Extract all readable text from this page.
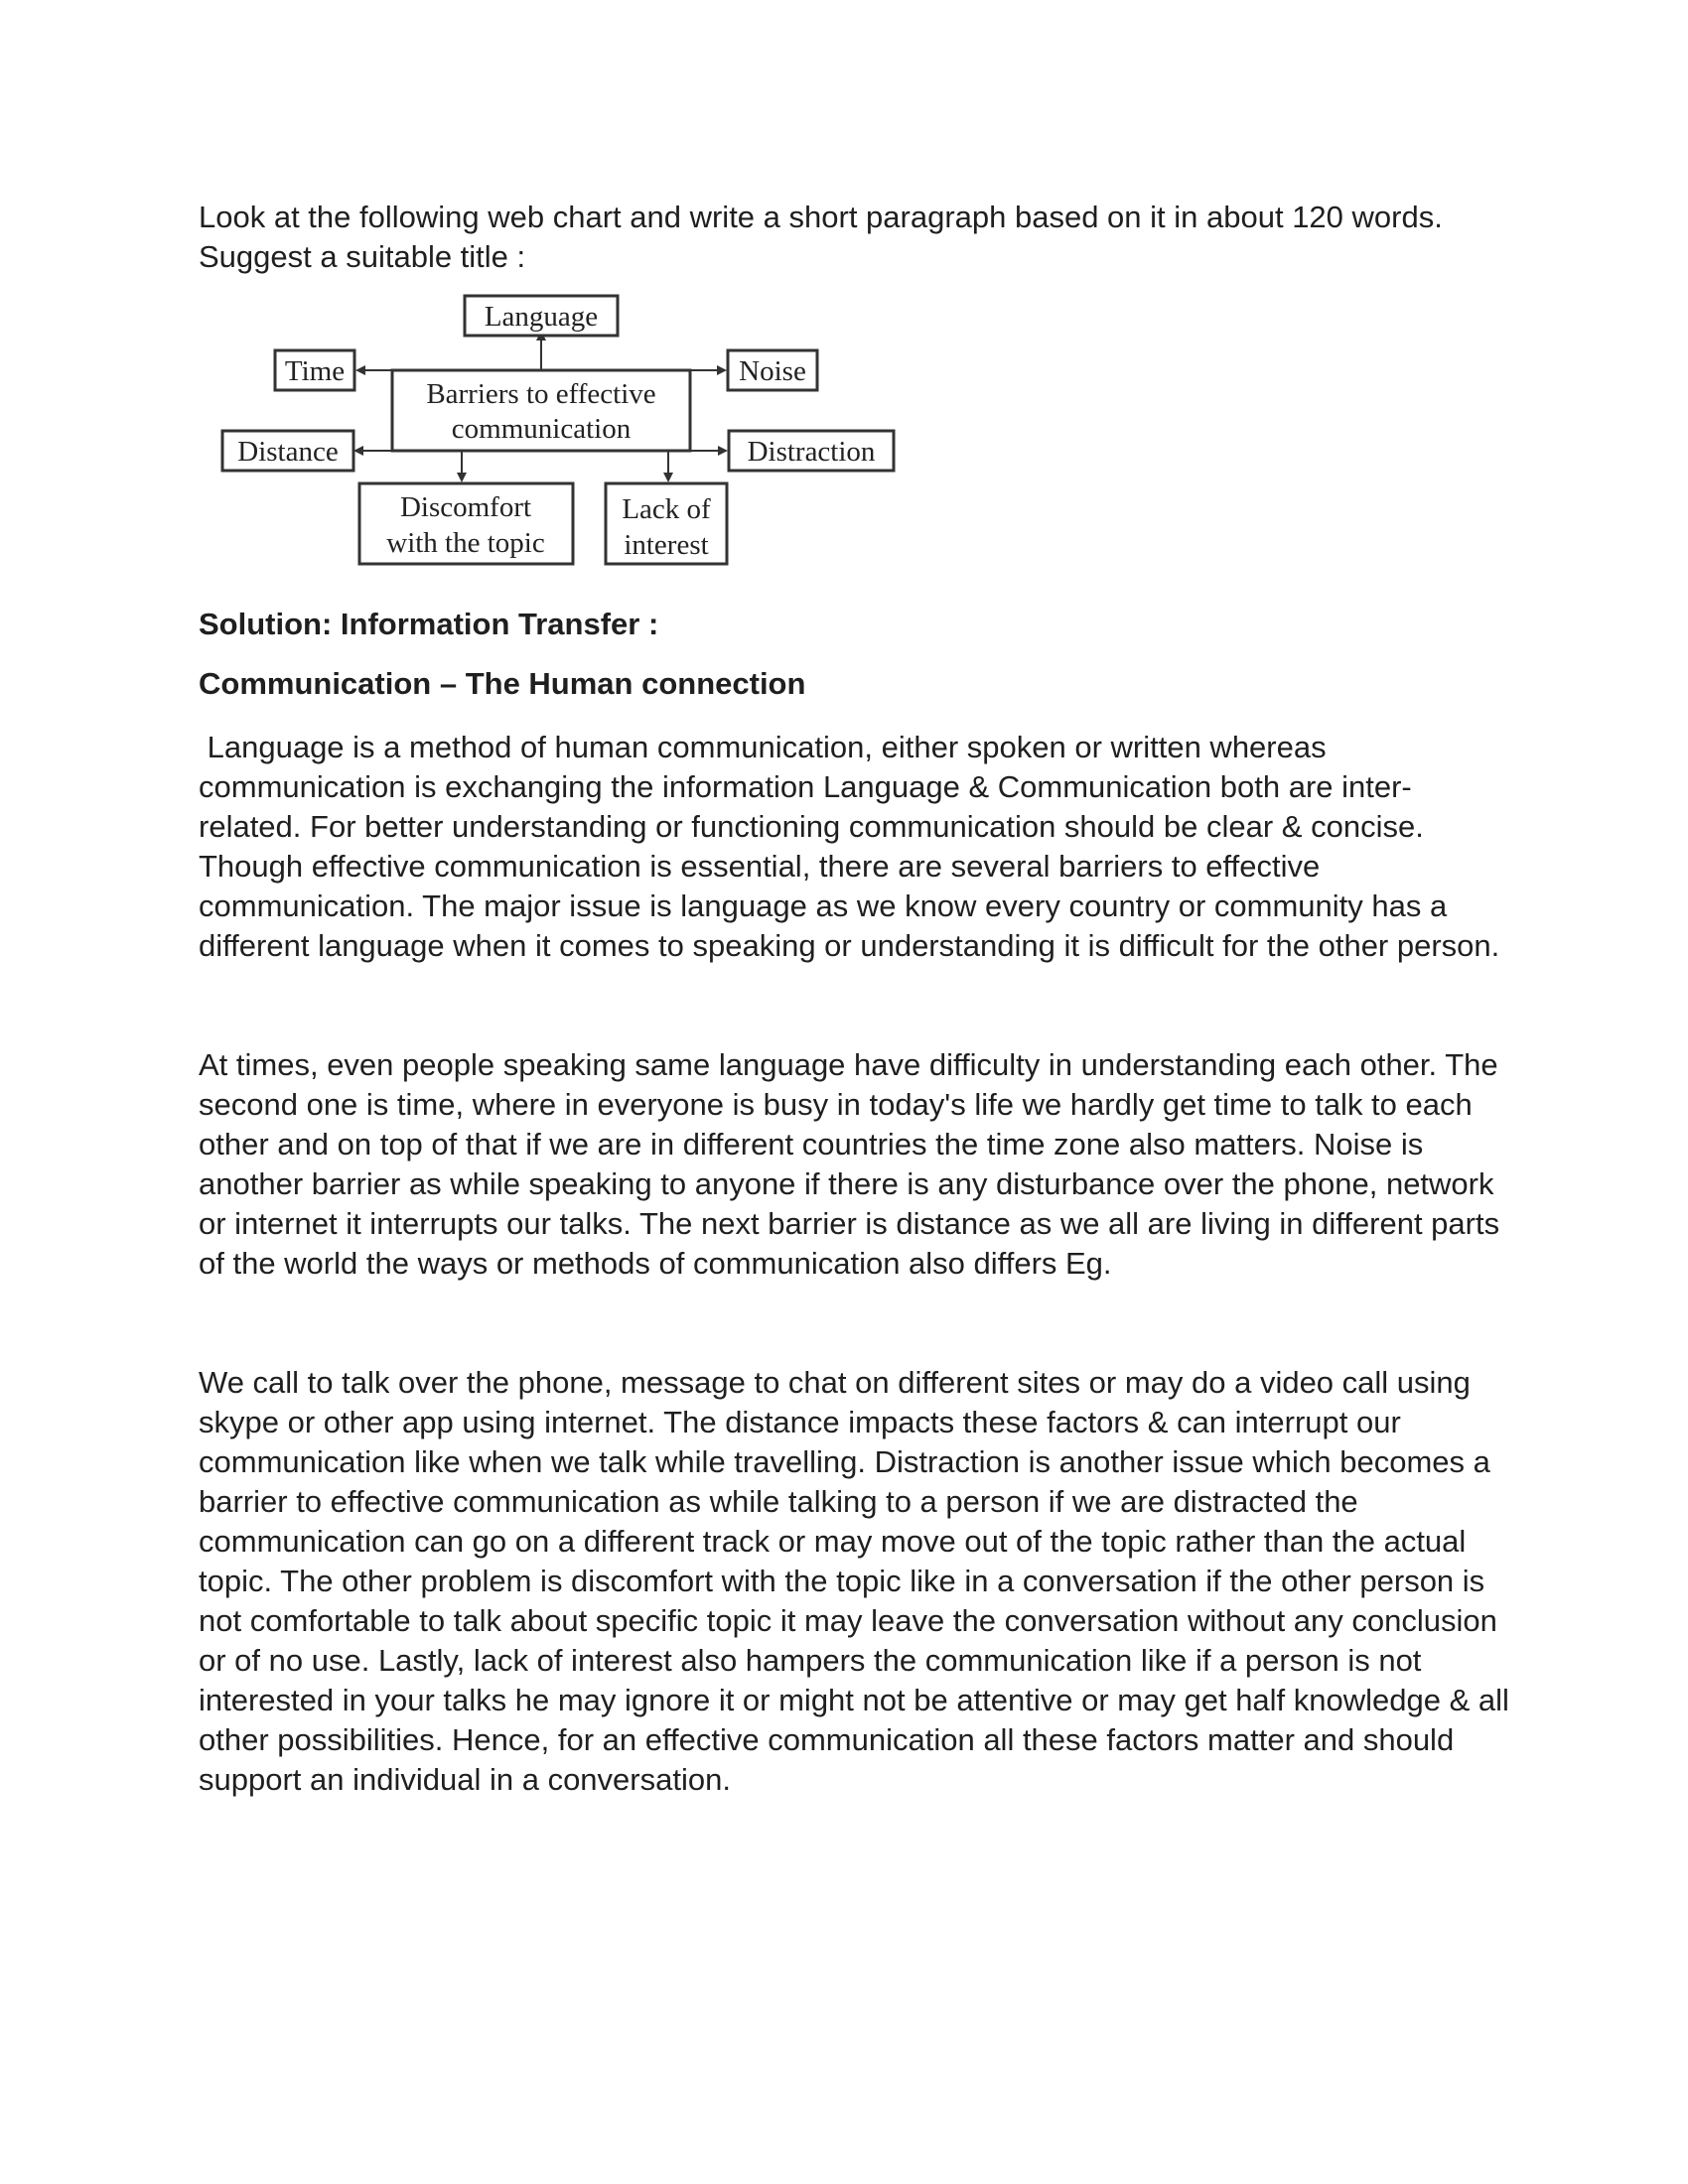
Look at the following web chart and write a short paragraph based on it in about 120 words. Suggest a suitable title :

Barriers to effective
communication
Language
Time	Noise
Distance	Distraction
Discomfort
with the topic
Lack of
interest

Solution: Information Transfer :

Communication – The Human connection

Language is a method of human communication, either spoken or written whereas communication is exchanging the information Language & Communication both are inter-related. For better understanding or functioning communication should be clear & concise. Though effective communication is essential, there are several barriers to effective communication. The major issue is language as we know every country or community has a different language when it comes to speaking or understanding it is difficult for the other person.

At times, even people speaking same language have difficulty in understanding each other. The second one is time, where in everyone is busy in today's life we hardly get time to talk to each other and on top of that if we are in different countries the time zone also matters. Noise is another barrier as while speaking to anyone if there is any disturbance over the phone, network or internet it interrupts our talks. The next barrier is distance as we all are living in different parts of the world the ways or methods of communication also differs Eg.

We call to talk over the phone, message to chat on different sites or may do a video call using skype or other app using internet. The distance impacts these factors & can interrupt our communication like when we talk while travelling. Distraction is another issue which becomes a barrier to effective communication as while talking to a person if we are distracted the communication can go on a different track or may move out of the topic rather than the actual topic. The other problem is discomfort with the topic like in a conversation if the other person is not comfortable to talk about specific topic it may leave the conversation without any conclusion or of no use. Lastly, lack of interest also hampers the communication like if a person is not interested in your talks he may ignore it or might not be attentive or may get half knowledge & all other possibilities. Hence, for an effective communication all these factors matter and should support an individual in a conversation.
